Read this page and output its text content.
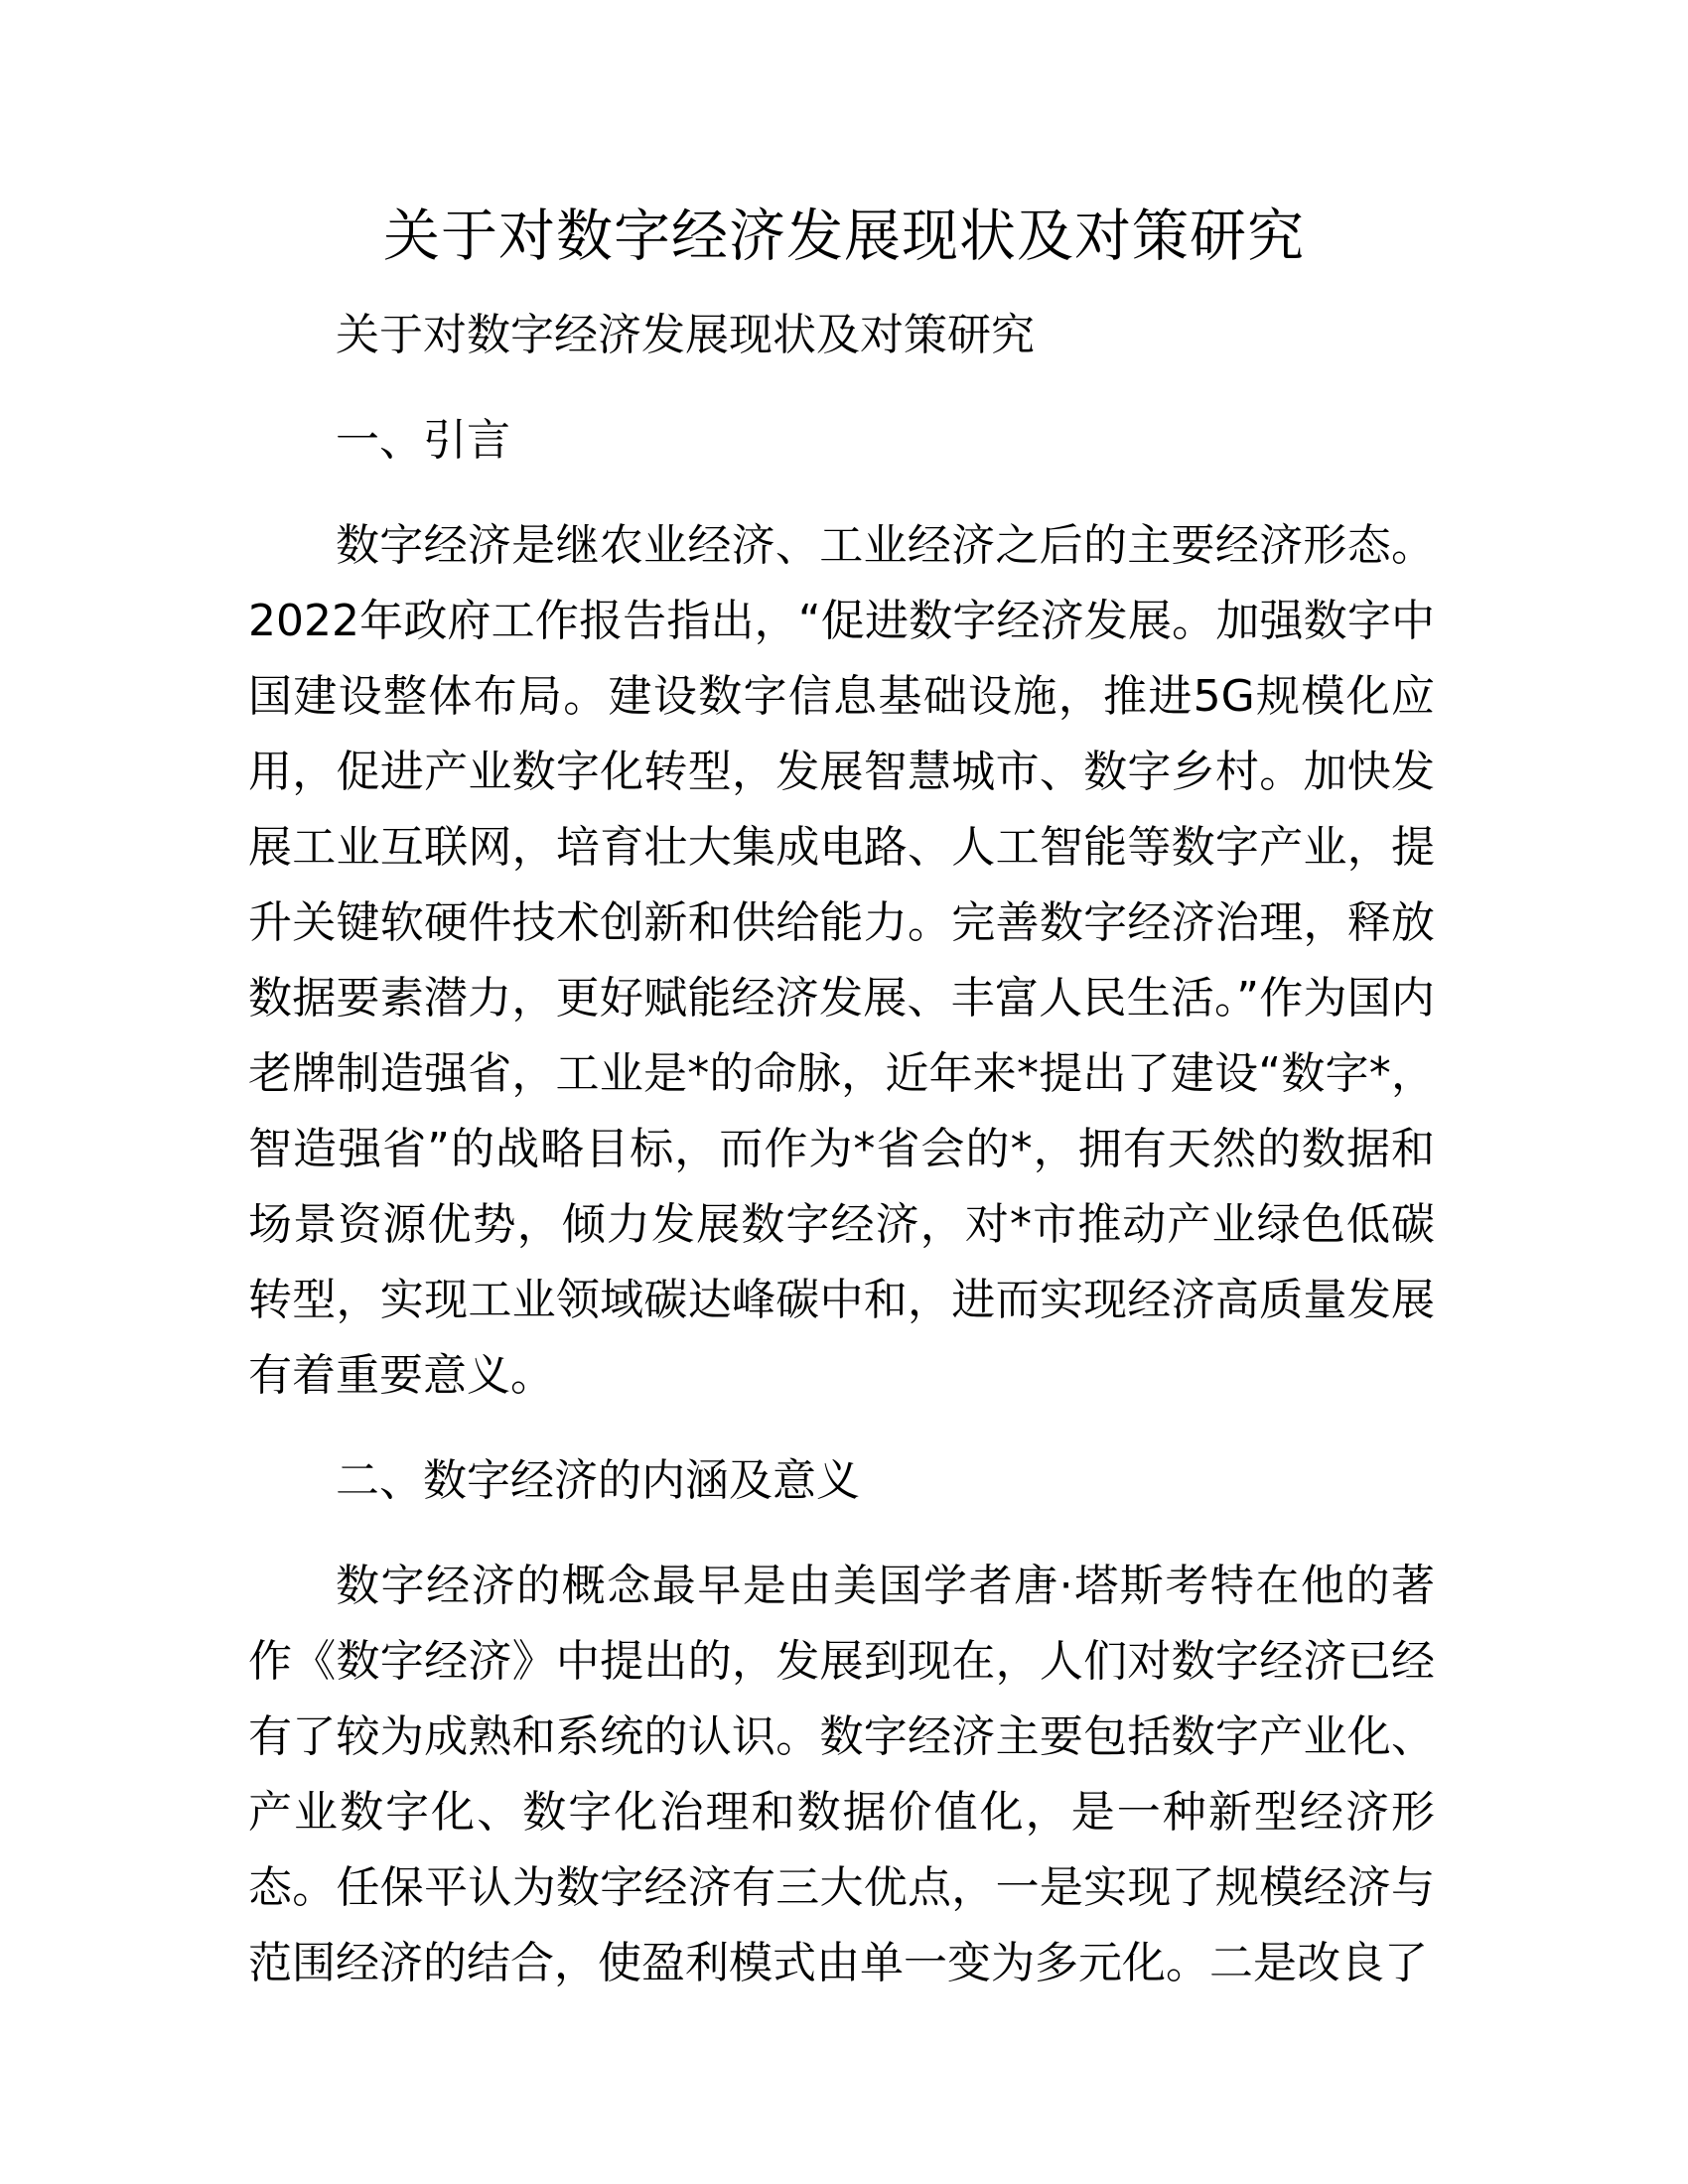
关于对数字经济发展现状及对策研究

关于对数字经济发展现状及对策研究

一、引言

数字经济是继农业经济、工业经济之后的主要经济形态。2022年政府工作报告指出，“促进数字经济发展。加强数字中国建设整体布局。建设数字信息基础设施，推进5G规模化应用，促进产业数字化转型，发展智慧城市、数字乡村。加快发展工业互联网，培育壮大集成电路、人工智能等数字产业，提升关键软硬件技术创新和供给能力。完善数字经济治理，释放数据要素潜力，更好赋能经济发展、丰富人民生活。”作为国内老牌制造强省，工业是*的命脉，近年来*提出了建设“数字*，智造强省”的战略目标，而作为*省会的*，拥有天然的数据和场景资源优势，倾力发展数字经济，对*市推动产业绿色低碳转型，实现工业领域碳达峰碳中和，进而实现经济高质量发展有着重要意义。

二、数字经济的内涵及意义

数字经济的概念最早是由美国学者唐·塔斯考特在他的著作《数字经济》中提出的，发展到现在，人们对数字经济已经有了较为成熟和系统的认识。数字经济主要包括数字产业化、产业数字化、数字化治理和数据价值化，是一种新型经济形态。任保平认为数字经济有三大优点，一是实现了规模经济与范围经济的结合，使盈利模式由单一变为多元化。二是改良了
